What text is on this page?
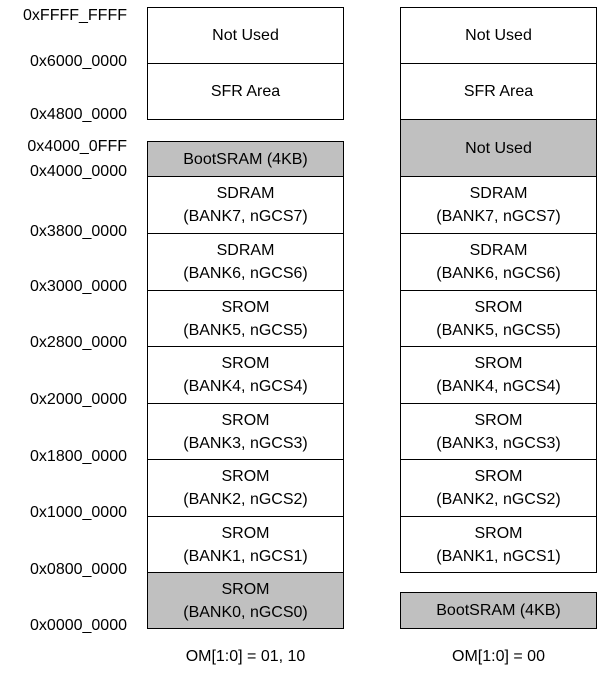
0xFFFF_FFFF
0x6000_0000
0x4800_0000
0x4000_0FFF
0x4000_0000
0x3800_0000
0x3000_0000
0x2800_0000
0x2000_0000
0x1800_0000
0x1000_0000
0x0800_0000
0x0000_0000
Not Used
SFR Area
BootSRAM (4KB)
SDRAM
(BANK7, nGCS7)
SDRAM
(BANK6, nGCS6)
SROM
(BANK5, nGCS5)
SROM
(BANK4, nGCS4)
SROM
(BANK3, nGCS3)
SROM
(BANK2, nGCS2)
SROM
(BANK1, nGCS1)
SROM
(BANK0, nGCS0)
OM[1:0] = 01, 10
Not Used
SFR Area
Not Used
SDRAM
(BANK7, nGCS7)
SDRAM
(BANK6, nGCS6)
SROM
(BANK5, nGCS5)
SROM
(BANK4, nGCS4)
SROM
(BANK3, nGCS3)
SROM
(BANK2, nGCS2)
SROM
(BANK1, nGCS1)
BootSRAM (4KB)
OM[1:0] = 00
